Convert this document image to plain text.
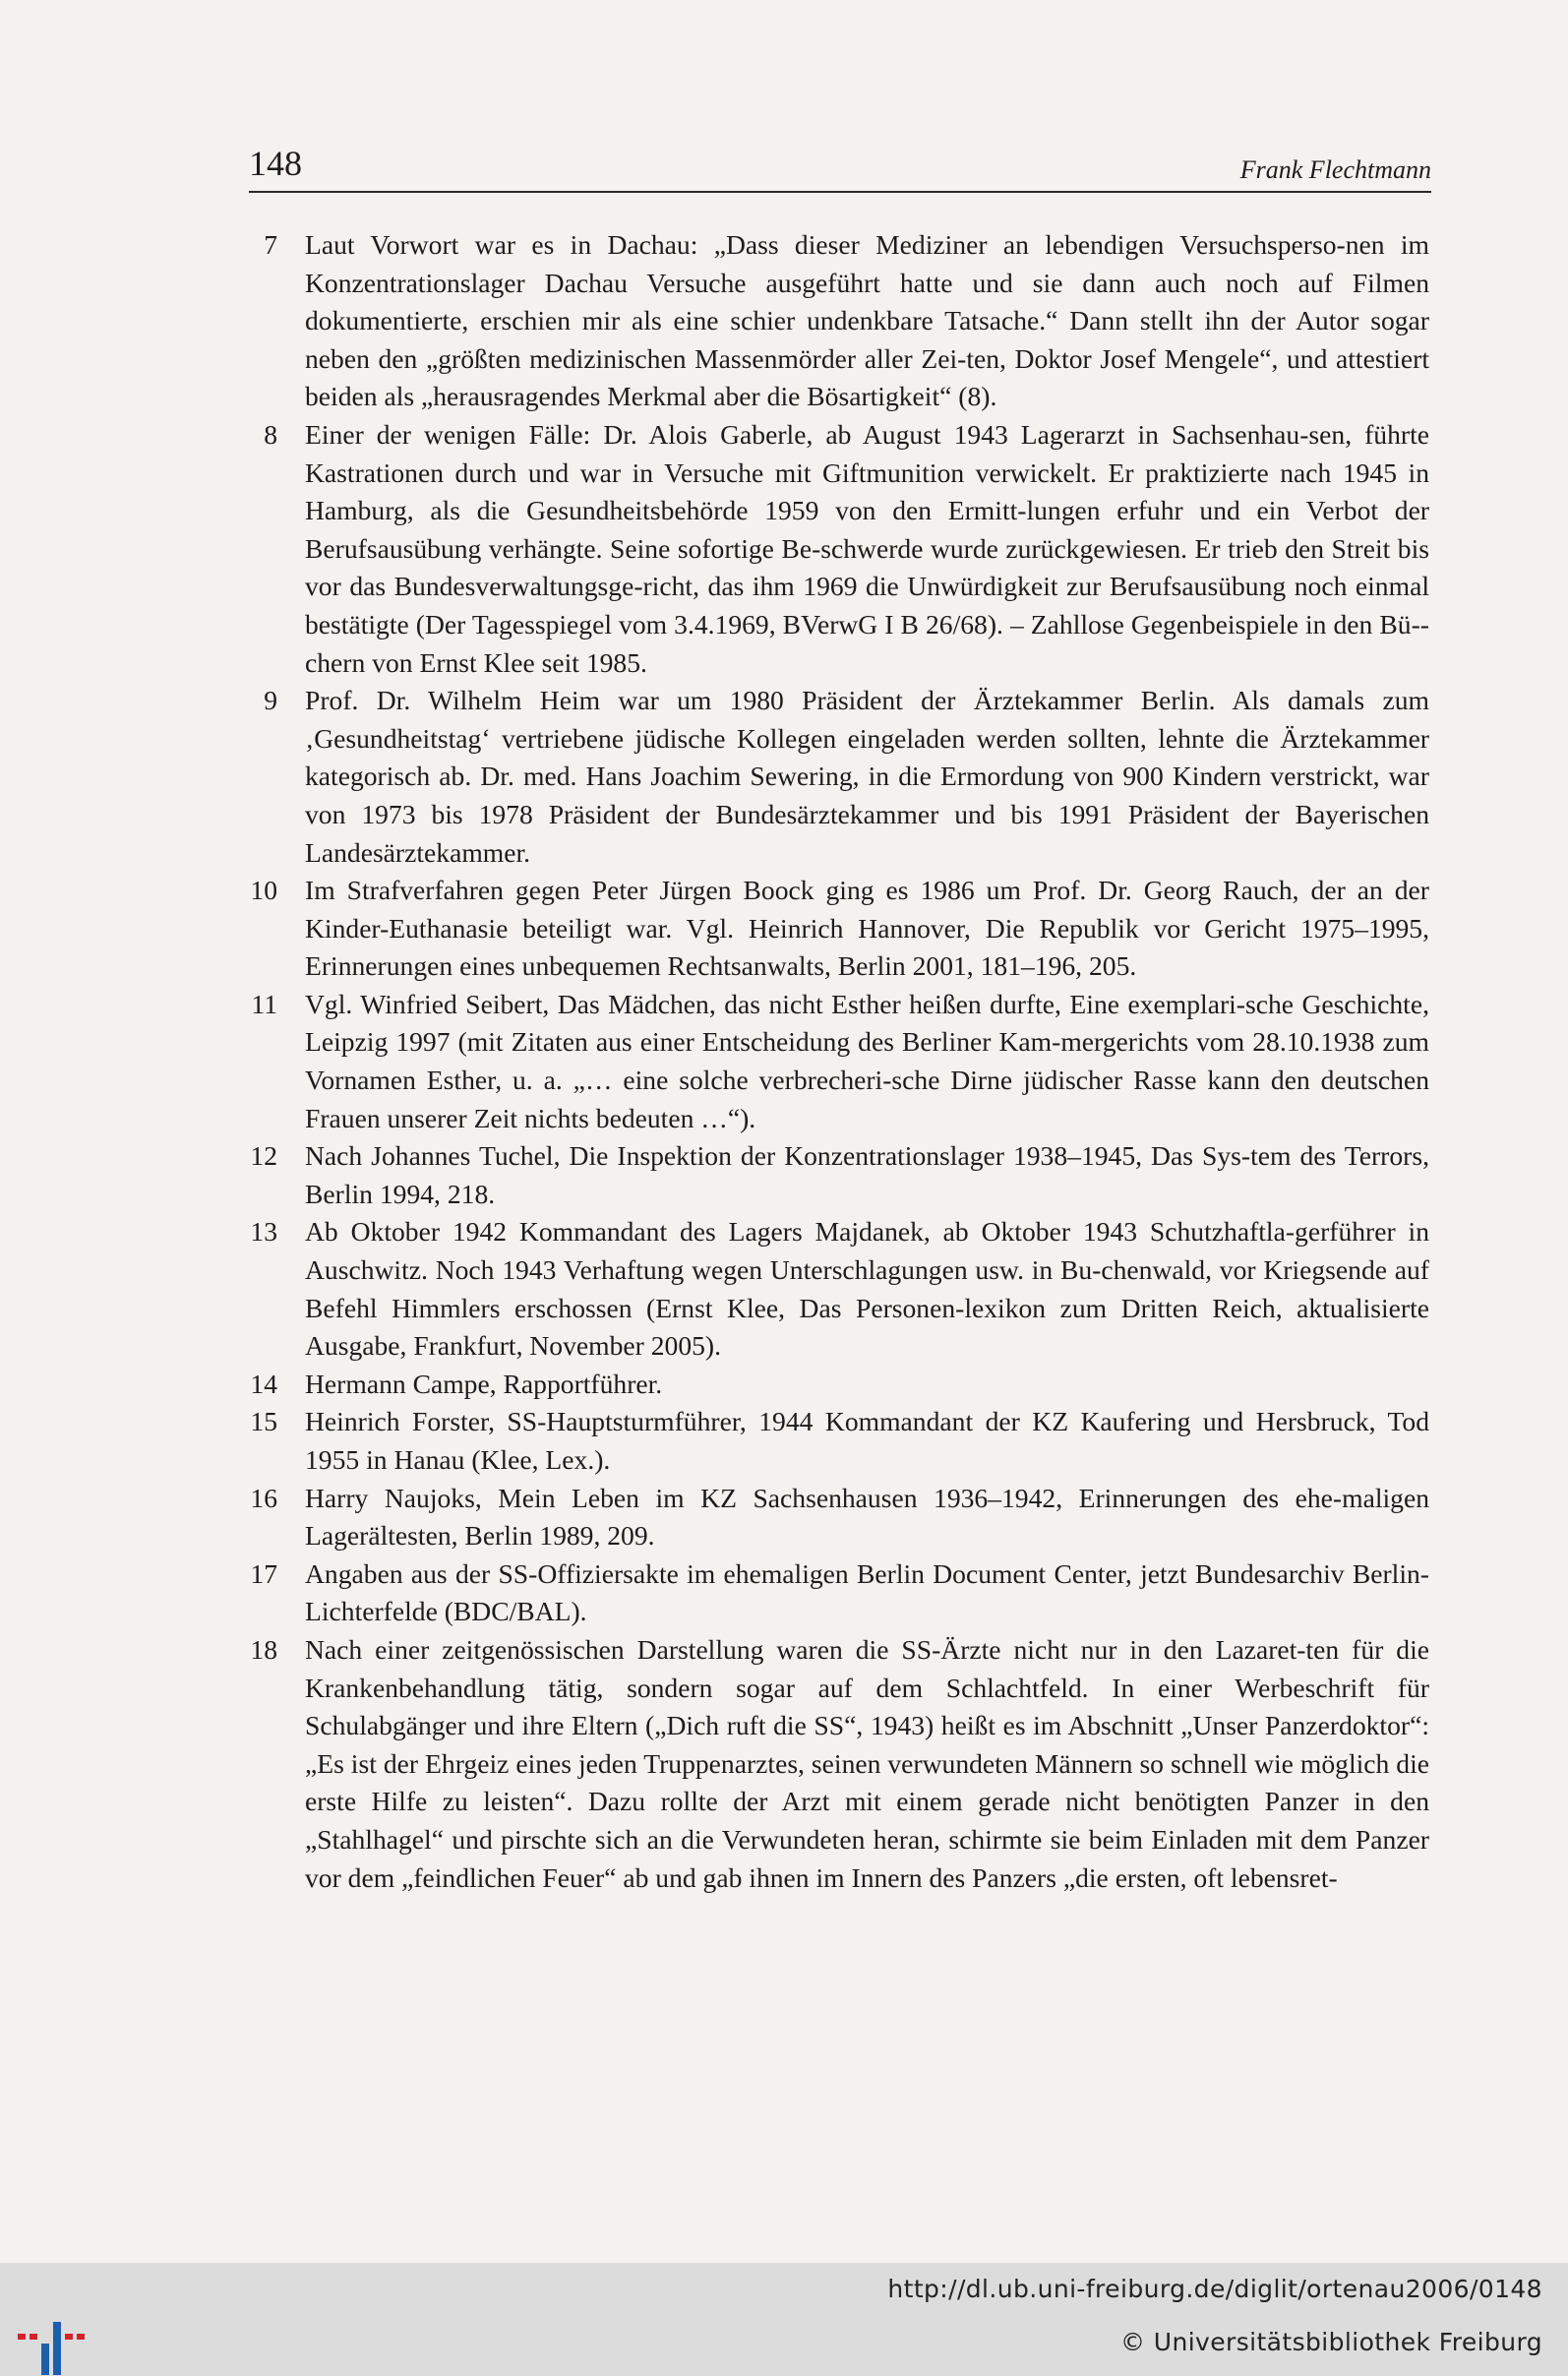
148	Frank Flechtmann
7	Laut Vorwort war es in Dachau: „Dass dieser Mediziner an lebendigen Versuchsperso-nen im Konzentrationslager Dachau Versuche ausgeführt hatte und sie dann auch noch auf Filmen dokumentierte, erschien mir als eine schier undenkbare Tatsache.“ Dann stellt ihn der Autor sogar neben den „größten medizinischen Massenmörder aller Zei-ten, Doktor Josef Mengele“, und attestiert beiden als „herausragendes Merkmal aber die Bösartigkeit“ (8).
8	Einer der wenigen Fälle: Dr. Alois Gaberle, ab August 1943 Lagerarzt in Sachsenhau-sen, führte Kastrationen durch und war in Versuche mit Giftmunition verwickelt. Er praktizierte nach 1945 in Hamburg, als die Gesundheitsbehörde 1959 von den Ermitt-lungen erfuhr und ein Verbot der Berufsausübung verhängte. Seine sofortige Be-schwerde wurde zurückgewiesen. Er trieb den Streit bis vor das Bundesverwaltungsge-richt, das ihm 1969 die Unwürdigkeit zur Berufsausübung noch einmal bestätigte (Der Tagesspiegel vom 3.4.1969, BVerwG I B 26/68). – Zahllose Gegenbeispiele in den Bü-chern von Ernst Klee seit 1985.
9	Prof. Dr. Wilhelm Heim war um 1980 Präsident der Ärztekammer Berlin. Als damals zum ‚Gesundheitstag‘ vertriebene jüdische Kollegen eingeladen werden sollten, lehnte die Ärztekammer kategorisch ab. Dr. med. Hans Joachim Sewering, in die Ermordung von 900 Kindern verstrickt, war von 1973 bis 1978 Präsident der Bundesärztekammer und bis 1991 Präsident der Bayerischen Landesärztekammer.
10	Im Strafverfahren gegen Peter Jürgen Boock ging es 1986 um Prof. Dr. Georg Rauch, der an der Kinder-Euthanasie beteiligt war. Vgl. Heinrich Hannover, Die Republik vor Gericht 1975–1995, Erinnerungen eines unbequemen Rechtsanwalts, Berlin 2001, 181–196, 205.
11	Vgl. Winfried Seibert, Das Mädchen, das nicht Esther heißen durfte, Eine exemplari-sche Geschichte, Leipzig 1997 (mit Zitaten aus einer Entscheidung des Berliner Kam-mergerichts vom 28.10.1938 zum Vornamen Esther, u. a. „… eine solche verbrecheri-sche Dirne jüdischer Rasse kann den deutschen Frauen unserer Zeit nichts bedeuten …“).
12	Nach Johannes Tuchel, Die Inspektion der Konzentrationslager 1938–1945, Das Sys-tem des Terrors, Berlin 1994, 218.
13	Ab Oktober 1942 Kommandant des Lagers Majdanek, ab Oktober 1943 Schutzhaftla-gerführer in Auschwitz. Noch 1943 Verhaftung wegen Unterschlagungen usw. in Bu-chenwald, vor Kriegsende auf Befehl Himmlers erschossen (Ernst Klee, Das Personen-lexikon zum Dritten Reich, aktualisierte Ausgabe, Frankfurt, November 2005).
14	Hermann Campe, Rapportführer.
15	Heinrich Forster, SS-Hauptsturmführer, 1944 Kommandant der KZ Kaufering und Hersbruck, Tod 1955 in Hanau (Klee, Lex.).
16	Harry Naujoks, Mein Leben im KZ Sachsenhausen 1936–1942, Erinnerungen des ehe-maligen Lagerältesten, Berlin 1989, 209.
17	Angaben aus der SS-Offiziersakte im ehemaligen Berlin Document Center, jetzt Bundesarchiv Berlin-Lichterfelde (BDC/BAL).
18	Nach einer zeitgenössischen Darstellung waren die SS-Ärzte nicht nur in den Lazaret-ten für die Krankenbehandlung tätig, sondern sogar auf dem Schlachtfeld. In einer Werbeschrift für Schulabgänger und ihre Eltern („Dich ruft die SS“, 1943) heißt es im Abschnitt „Unser Panzerdoktor“: „Es ist der Ehrgeiz eines jeden Truppenarztes, seinen verwundeten Männern so schnell wie möglich die erste Hilfe zu leisten“. Dazu rollte der Arzt mit einem gerade nicht benötigten Panzer in den „Stahlhagel“ und pirschte sich an die Verwundeten heran, schirmte sie beim Einladen mit dem Panzer vor dem „feindlichen Feuer“ ab und gab ihnen im Innern des Panzers „die ersten, oft lebensret-
http://dl.ub.uni-freiburg.de/diglit/ortenau2006/0148
© Universitätsbibliothek Freiburg
